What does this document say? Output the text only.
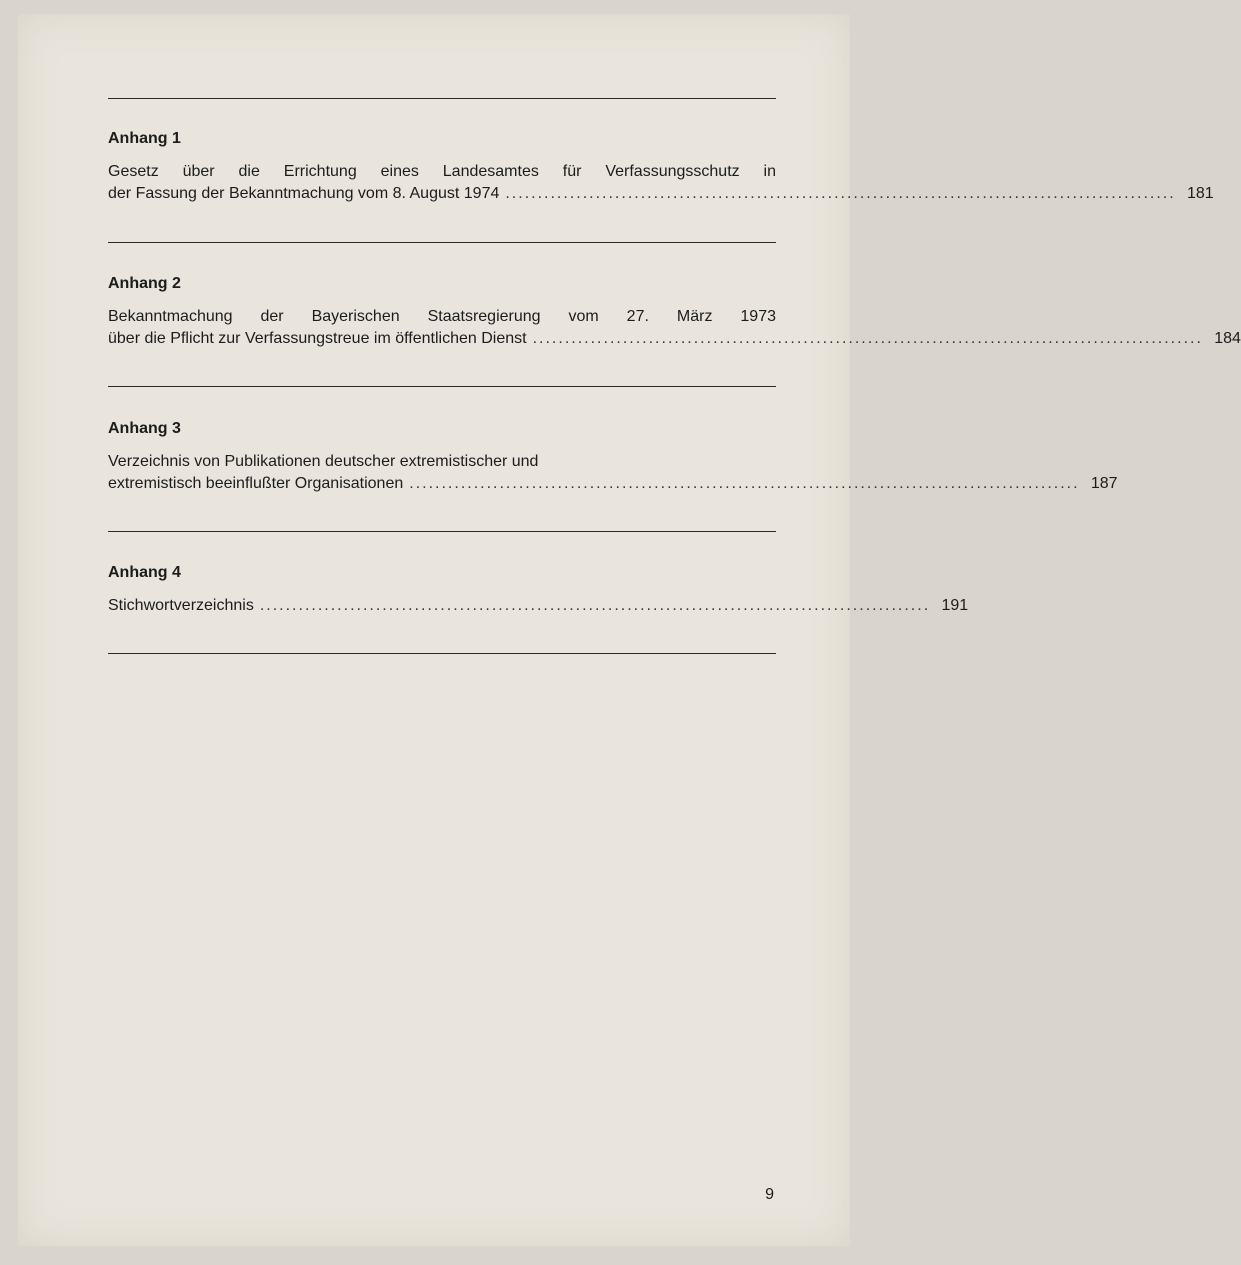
Anhang 1
Gesetz über die Errichtung eines Landesamtes für Verfassungsschutz in
der Fassung der Bekanntmachung vom 8. August 1974 ........................................................................................................ 181
Anhang 2
Bekanntmachung der Bayerischen Staatsregierung vom 27. März 1973
über die Pflicht zur Verfassungstreue im öffentlichen Dienst ........................................................................................................ 184
Anhang 3
Verzeichnis von Publikationen deutscher extremistischer und
extremistisch beeinflußter Organisationen ........................................................................................................ 187
Anhang 4
Stichwortverzeichnis ........................................................................................................ 191
9
